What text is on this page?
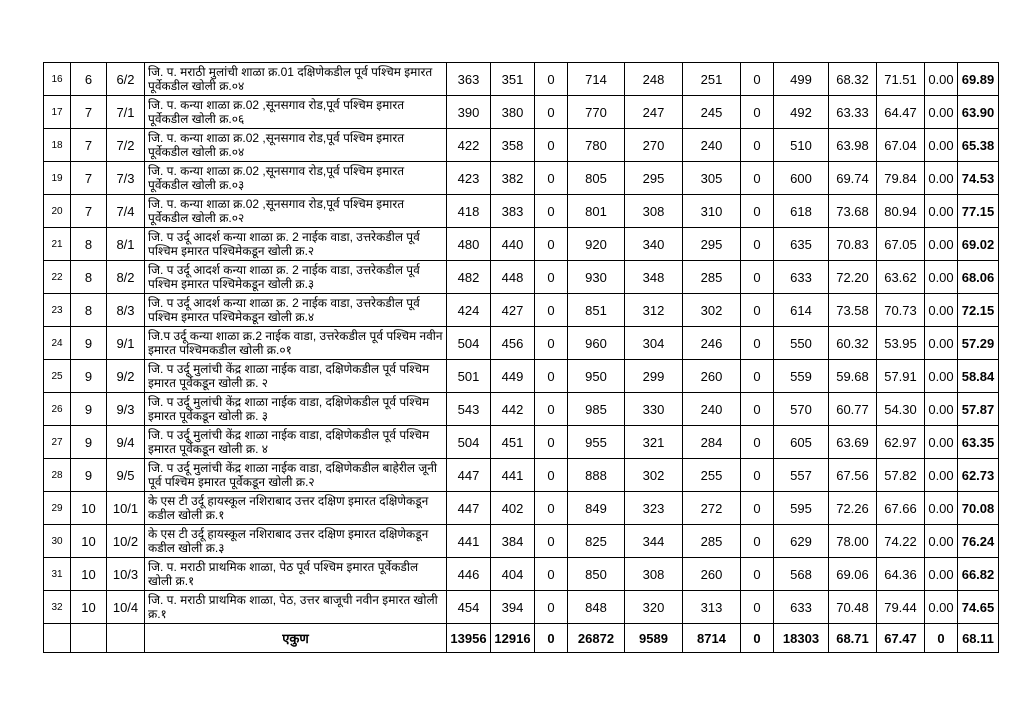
16	6	6/2	जि. प. मराठी मुलांची शाळा क्र.01 दक्षिणेकडील पूर्व पश्चिम इमारत पूर्वेकडील खोली क्र.०४	363	351	0	714	248	251	0	499	68.32	71.51	0.00	69.89
17	7	7/1	जि. प. कन्या शाळा क्र.02 ,सूनसगाव रोड,पूर्व पश्चिम इमारत पूर्वेकडील खोली क्र.०६	390	380	0	770	247	245	0	492	63.33	64.47	0.00	63.90
18	7	7/2	जि. प. कन्या शाळा क्र.02 ,सूनसगाव रोड,पूर्व पश्चिम इमारत पूर्वेकडील खोली क्र.०४	422	358	0	780	270	240	0	510	63.98	67.04	0.00	65.38
19	7	7/3	जि. प. कन्या शाळा क्र.02 ,सूनसगाव रोड,पूर्व पश्चिम इमारत पूर्वेकडील खोली क्र.०३	423	382	0	805	295	305	0	600	69.74	79.84	0.00	74.53
20	7	7/4	जि. प. कन्या शाळा क्र.02 ,सूनसगाव रोड,पूर्व पश्चिम इमारत पूर्वेकडील खोली क्र.०२	418	383	0	801	308	310	0	618	73.68	80.94	0.00	77.15
21	8	8/1	जि. प उर्दू आदर्श कन्या शाळा क्र. 2 नाईक वाडा, उत्तरेकडील पूर्व पश्चिम इमारत पश्चिमेकडून खोली क्र.२	480	440	0	920	340	295	0	635	70.83	67.05	0.00	69.02
22	8	8/2	जि. प उर्दू आदर्श कन्या शाळा क्र. 2 नाईक वाडा, उत्तरेकडील पूर्व पश्चिम इमारत पश्चिमेकडून खोली क्र.३	482	448	0	930	348	285	0	633	72.20	63.62	0.00	68.06
23	8	8/3	जि. प उर्दू आदर्श कन्या शाळा क्र. 2 नाईक वाडा, उत्तरेकडील पूर्व पश्चिम इमारत पश्चिमेकडून खोली क्र.४	424	427	0	851	312	302	0	614	73.58	70.73	0.00	72.15
24	9	9/1	जि.प उर्दू कन्या शाळा क्र.2 नाईक वाडा, उत्तरेकडील पूर्व पश्चिम नवीन इमारत पश्चिमकडील खोली क्र.०१	504	456	0	960	304	246	0	550	60.32	53.95	0.00	57.29
25	9	9/2	जि. प उर्दू मुलांची केंद्र शाळा नाईक वाडा, दक्षिणेकडील पूर्व पश्चिम इमारत पूर्वेकडून खोली क्र. २	501	449	0	950	299	260	0	559	59.68	57.91	0.00	58.84
26	9	9/3	जि. प उर्दू मुलांची केंद्र शाळा नाईक वाडा, दक्षिणेकडील पूर्व पश्चिम इमारत पूर्वेकडून खोली क्र. ३	543	442	0	985	330	240	0	570	60.77	54.30	0.00	57.87
27	9	9/4	जि. प उर्दू मुलांची केंद्र शाळा नाईक वाडा, दक्षिणेकडील पूर्व पश्चिम इमारत पूर्वेकडून खोली क्र. ४	504	451	0	955	321	284	0	605	63.69	62.97	0.00	63.35
28	9	9/5	जि. प उर्दू मुलांची केंद्र शाळा नाईक वाडा, दक्षिणेकडील बाहेरील जूनी पूर्व पश्चिम इमारत पूर्वेकडून खोली क्र.२	447	441	0	888	302	255	0	557	67.56	57.82	0.00	62.73
29	10	10/1	के एस टी उर्दू हायस्कूल नशिराबाद उत्तर दक्षिण इमारत दक्षिणेकडून कडील खोली क्र.१	447	402	0	849	323	272	0	595	72.26	67.66	0.00	70.08
30	10	10/2	के एस टी उर्दू हायस्कूल नशिराबाद उत्तर दक्षिण इमारत दक्षिणेकडून कडील खोली क्र.३	441	384	0	825	344	285	0	629	78.00	74.22	0.00	76.24
31	10	10/3	जि. प. मराठी प्राथमिक शाळा, पेठ पूर्व पश्चिम इमारत पूर्वेकडील खोली क्र.१	446	404	0	850	308	260	0	568	69.06	64.36	0.00	66.82
32	10	10/4	जि. प. मराठी प्राथमिक शाळा, पेठ, उत्तर बाजूची नवीन इमारत खोली क्र.१	454	394	0	848	320	313	0	633	70.48	79.44	0.00	74.65
			एकुण	13956	12916	0	26872	9589	8714	0	18303	68.71	67.47	0	68.11
